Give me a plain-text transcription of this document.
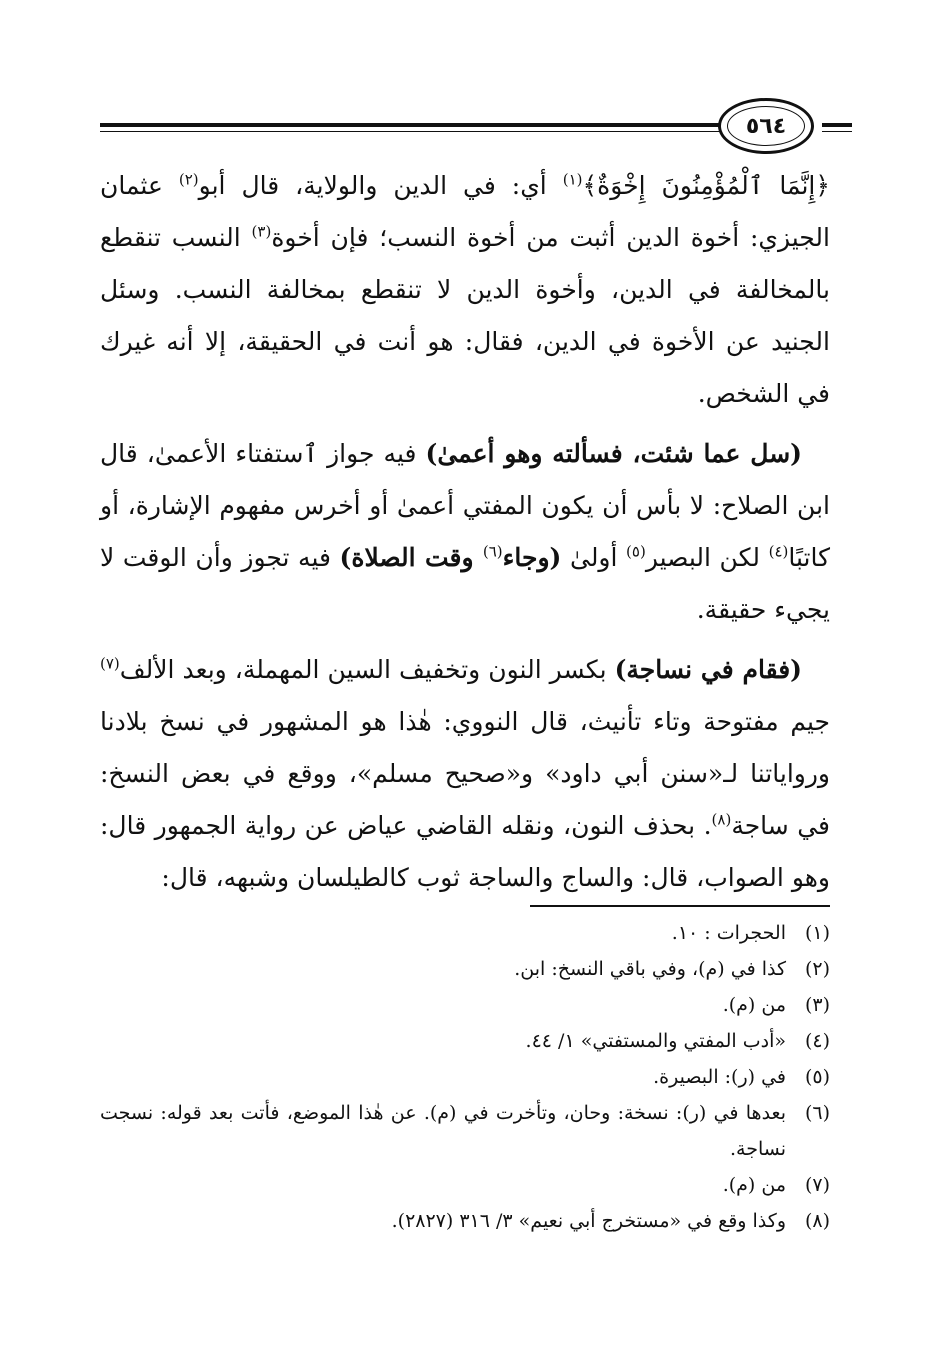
٥٦٤

﴿إِنَّمَا ٱلْمُؤْمِنُونَ إِخْوَةٌ﴾$^{(١)}$ أي: في الدين والولاية، قال أبو$^{(٢)}$ عثمان الجيزي: أخوة الدين أثبت من أخوة النسب؛ فإن أخوة$^{(٣)}$ النسب تنقطع بالمخالفة في الدين، وأخوة الدين لا تنقطع بمخالفة النسب. وسئل الجنيد عن الأخوة في الدين، فقال: هو أنت في الحقيقة، إلا أنه غيرك في الشخص.

(سل عما شئت، فسألته وهو أعمىٰ) فيه جواز ٱستفتاء الأعمىٰ، قال ابن الصلاح: لا بأس أن يكون المفتي أعمىٰ أو أخرس مفهوم الإشارة، أو كاتبًا$^{(٤)}$ لكن البصير$^{(٥)}$ أولىٰ (وجاء$^{(٦)}$ وقت الصلاة) فيه تجوز وأن الوقت لا يجيء حقيقة.

(فقام في نساجة) بكسر النون وتخفيف السين المهملة، وبعد الألف$^{(٧)}$ جيم مفتوحة وتاء تأنيث، قال النووي: هٰذا هو المشهور في نسخ بلادنا ورواياتنا لـ«سنن أبي داود» و«صحيح مسلم»، ووقع في بعض النسخ: في ساجة$^{(٨)}$. بحذف النون، ونقله القاضي عياض عن رواية الجمهور قال: وهو الصواب، قال: والساج والساجة ثوب كالطيلسان وشبهه، قال:

(١)
الحجرات : ١٠.
(٢)
كذا في (م)، وفي باقي النسخ: ابن.
(٣)
من (م).
(٤)
«أدب المفتي والمستفتي» ١/ ٤٤.
(٥)
في (ر): البصيرة.
(٦)
بعدها في (ر): نسخة: وحان، وتأخرت في (م). عن هٰذا الموضع، فأتت بعد قوله: نسجت نساجة.
(٧)
من (م).
(٨)
وكذا وقع في «مستخرج أبي نعيم» ٣/ ٣١٦ (٢٨٢٧).
